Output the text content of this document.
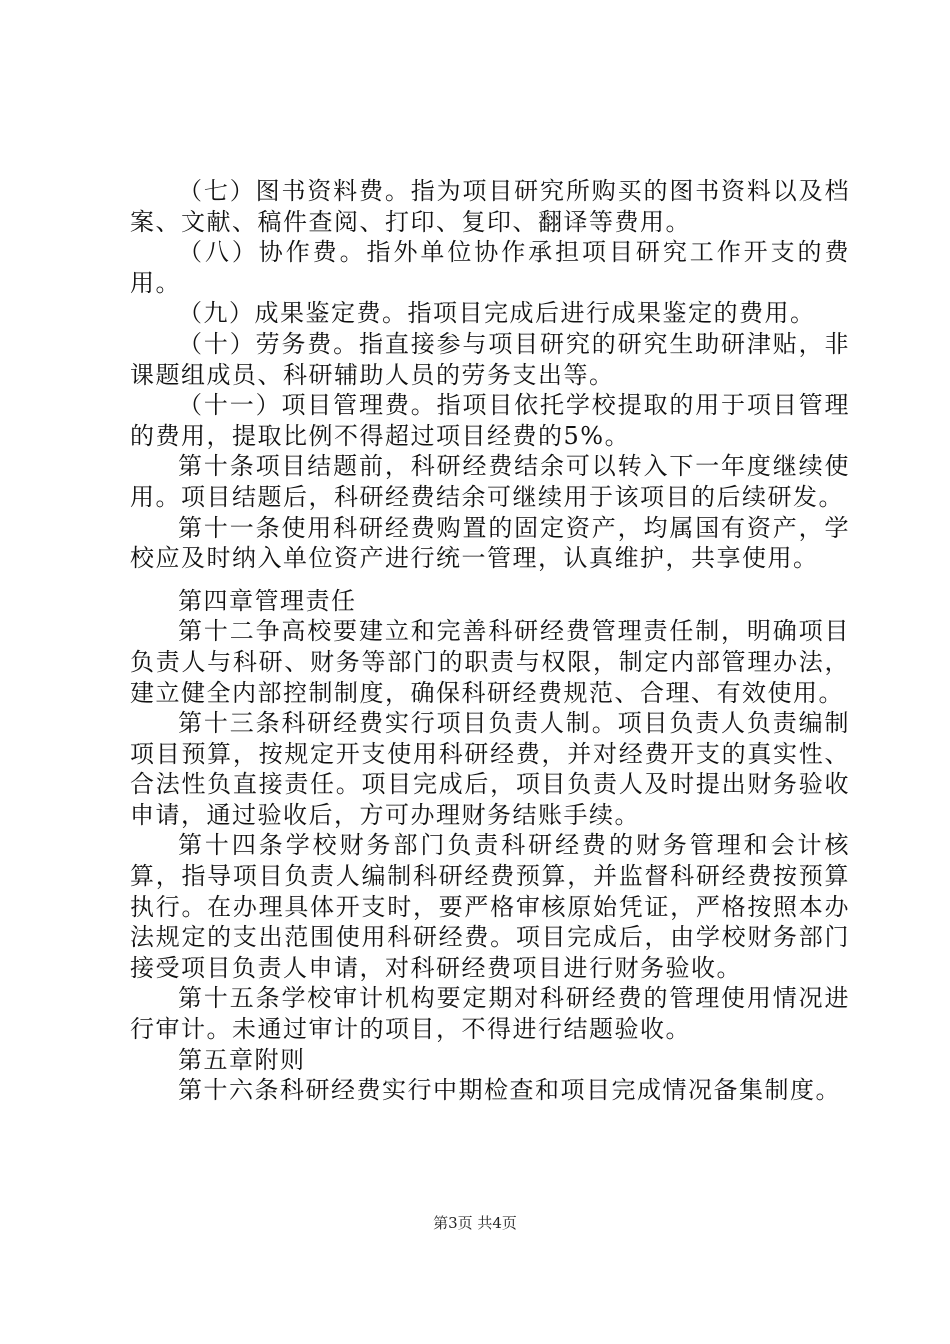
（七）图书资料费。指为项目研究所购买的图书资料以及档案、文献、稿件查阅、打印、复印、翻译等费用。

（八）协作费。指外单位协作承担项目研究工作开支的费用。

（九）成果鉴定费。指项目完成后进行成果鉴定的费用。

（十）劳务费。指直接参与项目研究的研究生助研津贴，非课题组成员、科研辅助人员的劳务支出等。

（十一）项目管理费。指项目依托学校提取的用于项目管理的费用，提取比例不得超过项目经费的5%。

第十条项目结题前，科研经费结余可以转入下一年度继续使用。项目结题后，科研经费结余可继续用于该项目的后续研发。

第十一条使用科研经费购置的固定资产，均属国有资产，学校应及时纳入单位资产进行统一管理，认真维护，共享使用。

第四章管理责任

第十二争高校要建立和完善科研经费管理责任制，明确项目负责人与科研、财务等部门的职责与权限，制定内部管理办法，建立健全内部控制制度，确保科研经费规范、合理、有效使用。

第十三条科研经费实行项目负责人制。项目负责人负责编制项目预算，按规定开支使用科研经费，并对经费开支的真实性、合法性负直接责任。项目完成后，项目负责人及时提出财务验收申请，通过验收后，方可办理财务结账手续。

第十四条学校财务部门负责科研经费的财务管理和会计核算，指导项目负责人编制科研经费预算，并监督科研经费按预算执行。在办理具体开支时，要严格审核原始凭证，严格按照本办法规定的支出范围使用科研经费。项目完成后，由学校财务部门接受项目负责人申请，对科研经费项目进行财务验收。

第十五条学校审计机构要定期对科研经费的管理使用情况进行审计。未通过审计的项目，不得进行结题验收。

第五章附则

第十六条科研经费实行中期检查和项目完成情况备集制度。

第3页 共4页
